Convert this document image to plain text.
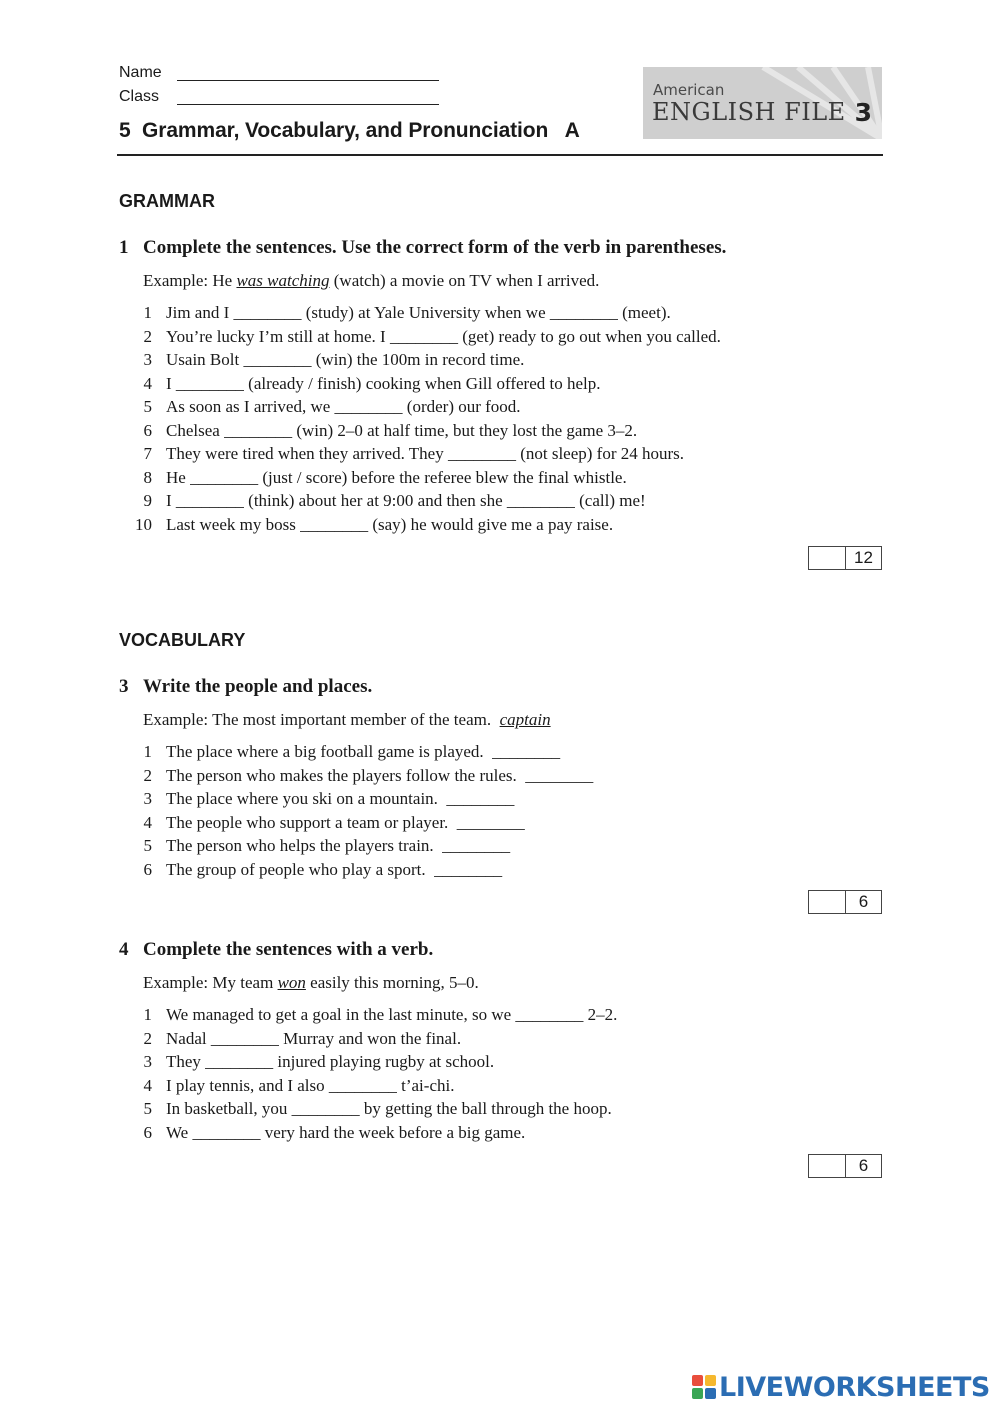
Name
Class
5  Grammar, Vocabulary, and Pronunciation   A
American
ENGLISH FILE 3
GRAMMAR
1 Complete the sentences. Use the correct form of the verb in parentheses.
Example: He was watching (watch) a movie on TV when I arrived.
1 Jim and I ________ (study) at Yale University when we ________ (meet).
2 You’re lucky I’m still at home. I ________ (get) ready to go out when you called.
3 Usain Bolt ________ (win) the 100m in record time.
4 I ________ (already / finish) cooking when Gill offered to help.
5 As soon as I arrived, we ________ (order) our food.
6 Chelsea ________ (win) 2–0 at half time, but they lost the game 3–2.
7 They were tired when they arrived. They ________ (not sleep) for 24 hours.
8 He ________ (just / score) before the referee blew the final whistle.
9 I ________ (think) about her at 9:00 and then she ________ (call) me!
10 Last week my boss ________ (say) he would give me a pay raise.
12
VOCABULARY
3 Write the people and places.
Example: The most important member of the team.  captain
1 The place where a big football game is played.  ________
2 The person who makes the players follow the rules.  ________
3 The place where you ski on a mountain.  ________
4 The people who support a team or player.  ________
5 The person who helps the players train.  ________
6 The group of people who play a sport.  ________
6
4 Complete the sentences with a verb.
Example: My team won easily this morning, 5–0.
1 We managed to get a goal in the last minute, so we ________ 2–2.
2 Nadal ________ Murray and won the final.
3 They ________ injured playing rugby at school.
4 I play tennis, and I also ________ t’ai-chi.
5 In basketball, you ________ by getting the ball through the hoop.
6 We ________ very hard the week before a big game.
6
LIVEWORKSHEETS
